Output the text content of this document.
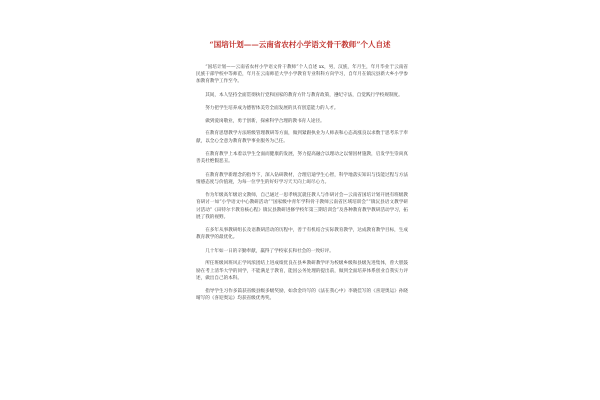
“国培计划——云南省农村小学语文骨干教师”个人自述

“国培计划——云南省农村小学语文骨干教师”个人自述 xx，男，汉族，年月生，年月毕业于云南省民族干部学校中等师范，年月在云南师范大学小学教育专业科科方向学习，自年月在镇沅县新大乡小学参加教育教学工作至今。

其间，本人坚持全面贯彻执行党和国家的教育方针与教育政策，遵纪守法，自觉践行学校规制度。

努力把学生培养成为德智体美劳全面发展的具有创造能力的人才。

做到爱岗敬业，勇于创新，探索科学合理的教书育人途径。

在教育思想教学方法班级管理教研等方面，做到紧跟执业为人师表和心态高涨良以求数于思考乐于奉献，以全心全意为教育教学事业服务为己任。

在教育教学上本着以学生全面而健康的发展，努力提高融合以理动之以情因材施教，启发学生崇尚真善美杜绝假恶丑。

在教育教学新理念的指导下，深入钻研教材，合理启迪学生心智，科学地落实知识与技能过程与方法情感态度与价值观，为每一位学生的好好学习天天向上竭尽心力。

作为年级高年级语文教师，自己通过一思孝统沉就任教人与作研讨会—云南省国培计划开展有班级教育研讨一如“小学语文中心教研活动”“国家级中青年学科骨干教师云南省区域培训会”“镇沅县语文教学研讨活动”《田特尔卡教育核心程》镇沅县教研进修学校年第三期培训会”及各种教育教学教研活动学习，拓展了我的视野。

在多年从事教研组长及语教研活动的历程中，善于有机结合实际教育教学，达成教育教学目标，生成教育教学的最优化。

几十年如一日的辛勤奉献，赢得了学校家长和社会的一致好评。

所任班级回班风正学风浓团结上进成绩优良在县乡教研教学评为校级乡级和县级先进集体，曾大胆鼓励在考上清华大学的同学，不能满足于教育，能因公务处理的提出前，做到全面培养体系创业自我实力评述，做出自己的本科。

指导学生习作多篇获省级县级多级奖励，如余金玲写的《法在我心中》李晓佳写的《喜迎奥运》孙晓晴写的《喜迎奥运》均获省级优秀奖。
